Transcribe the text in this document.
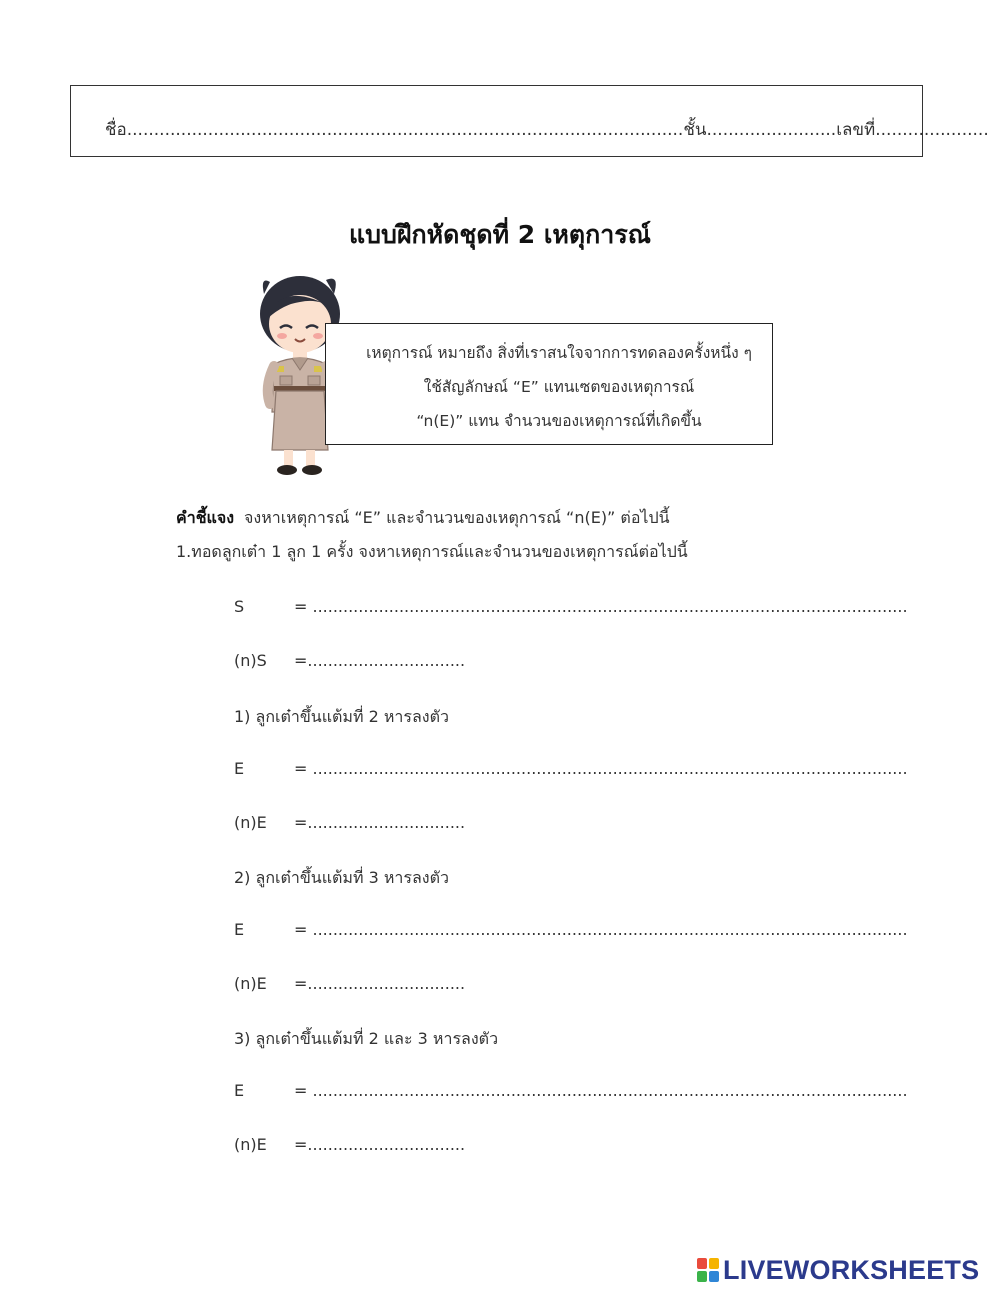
ชื่อ.......................................................................................................ชั้น........................เลขที่.....................
แบบฝึกหัดชุดที่ 2 เหตุการณ์
เหตุการณ์ หมายถึง สิ่งที่เราสนใจจากการทดลองครั้งหนึ่ง ๆ
ใช้สัญลักษณ์ “E” แทนเซตของเหตุการณ์
“n(E)” แทน จำนวนของเหตุการณ์ที่เกิดขึ้น
คำชี้แจง จงหาเหตุการณ์ “E” และจำนวนของเหตุการณ์ “n(E)” ต่อไปนี้
1.ทอดลูกเต๋า 1 ลูก 1 ครั้ง จงหาเหตุการณ์และจำนวนของเหตุการณ์ต่อไปนี้
S	= .....................................................................................................................
(n)S =...............................
1) ลูกเต๋าขึ้นแต้มที่ 2 หารลงตัว
E	= .....................................................................................................................
(n)E =...............................
2) ลูกเต๋าขึ้นแต้มที่ 3 หารลงตัว
E	= .....................................................................................................................
(n)E =...............................
3) ลูกเต๋าขึ้นแต้มที่ 2 และ 3 หารลงตัว
E	= .....................................................................................................................
(n)E =...............................
LIVEWORKSHEETS
